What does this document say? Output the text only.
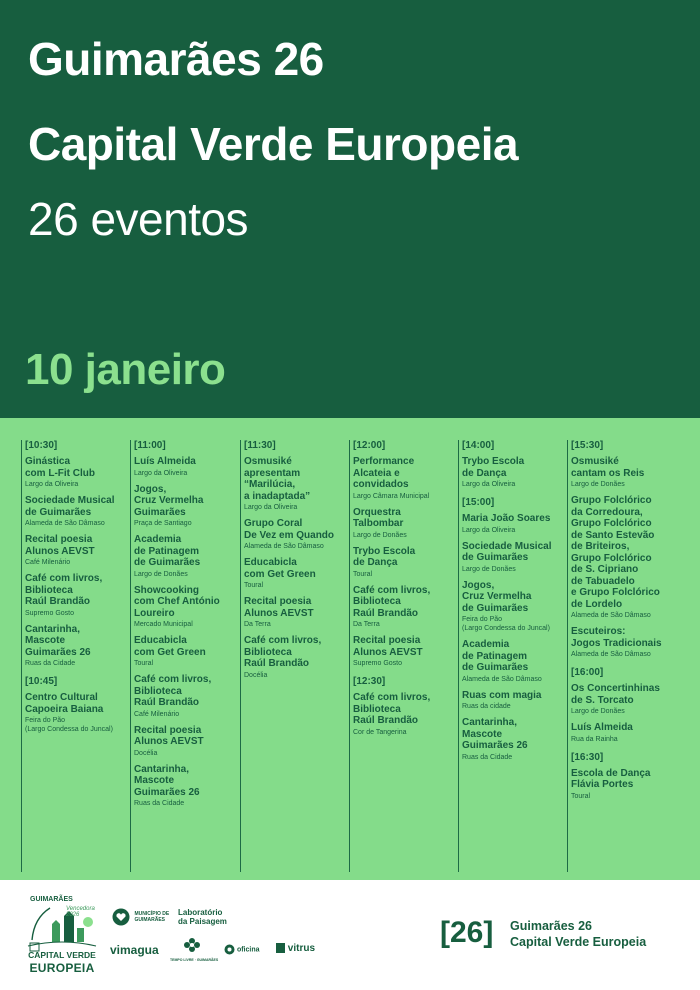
Guimarães 26
Capital Verde Europeia
26 eventos
10 janeiro
[10:30]
Ginástica
com L-Fit Club
Largo da Oliveira
Sociedade Musical
de Guimarães
Alameda de São Dâmaso
Recital poesia
Alunos AEVST
Café Milenário
Café com livros,
Biblioteca
Raúl Brandão
Supremo Gosto
Cantarinha,
Mascote
Guimarães 26
Ruas da Cidade
[10:45]
Centro Cultural
Capoeira Baiana
Feira do Pão
(Largo Condessa do Juncal)
[11:00]
Luís Almeida
Largo da Oliveira
Jogos,
Cruz Vermelha
Guimarães
Praça de Santiago
Academia
de Patinagem
de Guimarães
Largo de Donães
Showcooking
com Chef António
Loureiro
Mercado Municipal
Educabicla
com Get Green
Toural
Café com livros,
Biblioteca
Raúl Brandão
Café Milenário
Recital poesia
Alunos AEVST
Docélia
Cantarinha,
Mascote
Guimarães 26
Ruas da Cidade
[11:30]
Osmusiké
apresentam
“Marilúcia,
a inadaptada”
Largo da Oliveira
Grupo Coral
De Vez em Quando
Alameda de São Dâmaso
Educabicla
com Get Green
Toural
Recital poesia
Alunos AEVST
Da Terra
Café com livros,
Biblioteca
Raúl Brandão
Docélia
[12:00]
Performance
Alcateia e
convidados
Largo Câmara Municipal
Orquestra
Talbombar
Largo de Donães
Trybo Escola
de Dança
Toural
Café com livros,
Biblioteca
Raúl Brandão
Da Terra
Recital poesia
Alunos AEVST
Supremo Gosto
[12:30]
Café com livros,
Biblioteca
Raúl Brandão
Cor de Tangerina
[14:00]
Trybo Escola
de Dança
Largo da Oliveira
[15:00]
Maria João Soares
Largo da Oliveira
Sociedade Musical
de Guimarães
Largo de Donães
Jogos,
Cruz Vermelha
de Guimarães
Feira do Pão
(Largo Condessa do Juncal)
Academia
de Patinagem
de Guimarães
Alameda de São Dâmaso
Ruas com magia
Ruas da cidade
Cantarinha,
Mascote
Guimarães 26
Ruas da Cidade
[15:30]
Osmusiké
cantam os Reis
Largo de Donães
Grupo Folclórico
da Corredoura,
Grupo Folclórico
de Santo Estevão
de Briteiros,
Grupo Folclórico
de S. Cipriano
de Tabuadelo
e Grupo Folclórico
de Lordelo
Alameda de São Dâmaso
Escuteiros:
Jogos Tradicionais
Alameda de São Dâmaso
[16:00]
Os Concertinhinas
de S. Torcato
Largo de Donães
Luís Almeida
Rua da Rainha
[16:30]
Escola de Dança
Flávia Portes
Toural
GUIMARÃES
Vencedora 2026
CAPITAL VERDE
EUROPEIA
MUNICÍPIO DE GUIMARÃES
Laboratório da Paisagem
vimagua
TEMPO LIVRE · GUIMARÃES
oficina	vitrus	[26] Guimarães 26
Capital Verde Europeia
